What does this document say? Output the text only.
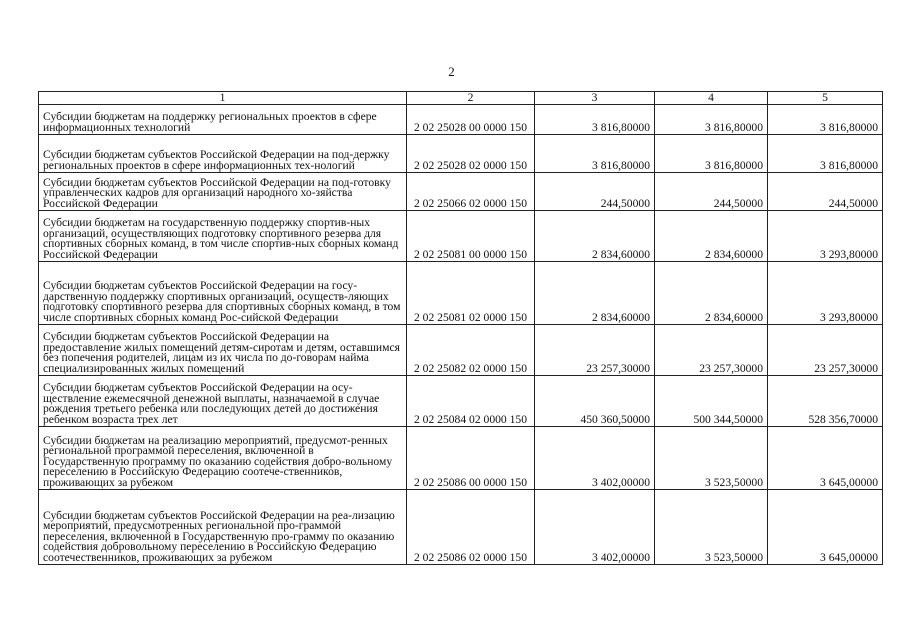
2
1	2	3	4	5
Субсидии бюджетам на поддержку региональных проектов в сфере информационных технологий	2 02 25028 00 0000 150	3 816,80000	3 816,80000	3 816,80000
Субсидии бюджетам субъектов Российской Федерации на под-держку региональных проектов в сфере информационных тех-нологий	2 02 25028 02 0000 150	3 816,80000	3 816,80000	3 816,80000
Субсидии бюджетам субъектов Российской Федерации на под-готовку управленческих кадров для организаций народного хо-зяйства Российской Федерации	2 02 25066 02 0000 150	244,50000	244,50000	244,50000
Субсидии бюджетам на государственную поддержку спортив-ных организаций, осуществляющих подготовку спортивного резерва для спортивных сборных команд, в том числе спортив-ных сборных команд Российской Федерации	2 02 25081 00 0000 150	2 834,60000	2 834,60000	3 293,80000
Субсидии бюджетам субъектов Российской Федерации на госу-дарственную поддержку спортивных организаций, осуществ-ляющих подготовку спортивного резерва для спортивных сборных команд, в том числе спортивных сборных команд Рос-сийской Федерации	2 02 25081 02 0000 150	2 834,60000	2 834,60000	3 293,80000
Субсидии бюджетам субъектов Российской Федерации на предоставление жилых помещений детям-сиротам и детям, оставшимся без попечения родителей, лицам из их числа по до-говорам найма специализированных жилых помещений	2 02 25082 02 0000 150	23 257,30000	23 257,30000	23 257,30000
Субсидии бюджетам субъектов Российской Федерации на осу-ществление ежемесячной денежной выплаты, назначаемой в случае рождения третьего ребенка или последующих детей до достижения ребенком возраста трех лет	2 02 25084 02 0000 150	450 360,50000	500 344,50000	528 356,70000
Субсидии бюджетам на реализацию мероприятий, предусмот-ренных региональной программой переселения, включенной в Государственную программу по оказанию содействия добро-вольному переселению в Российскую Федерацию соотече-ственников, проживающих за рубежом	2 02 25086 00 0000 150	3 402,00000	3 523,50000	3 645,00000
Субсидии бюджетам субъектов Российской Федерации на реа-лизацию мероприятий, предусмотренных региональной про-граммой переселения, включенной в Государственную про-грамму по оказанию содействия добровольному переселению в Российскую Федерацию соотечественников, проживающих за рубежом	2 02 25086 02 0000 150	3 402,00000	3 523,50000	3 645,00000
